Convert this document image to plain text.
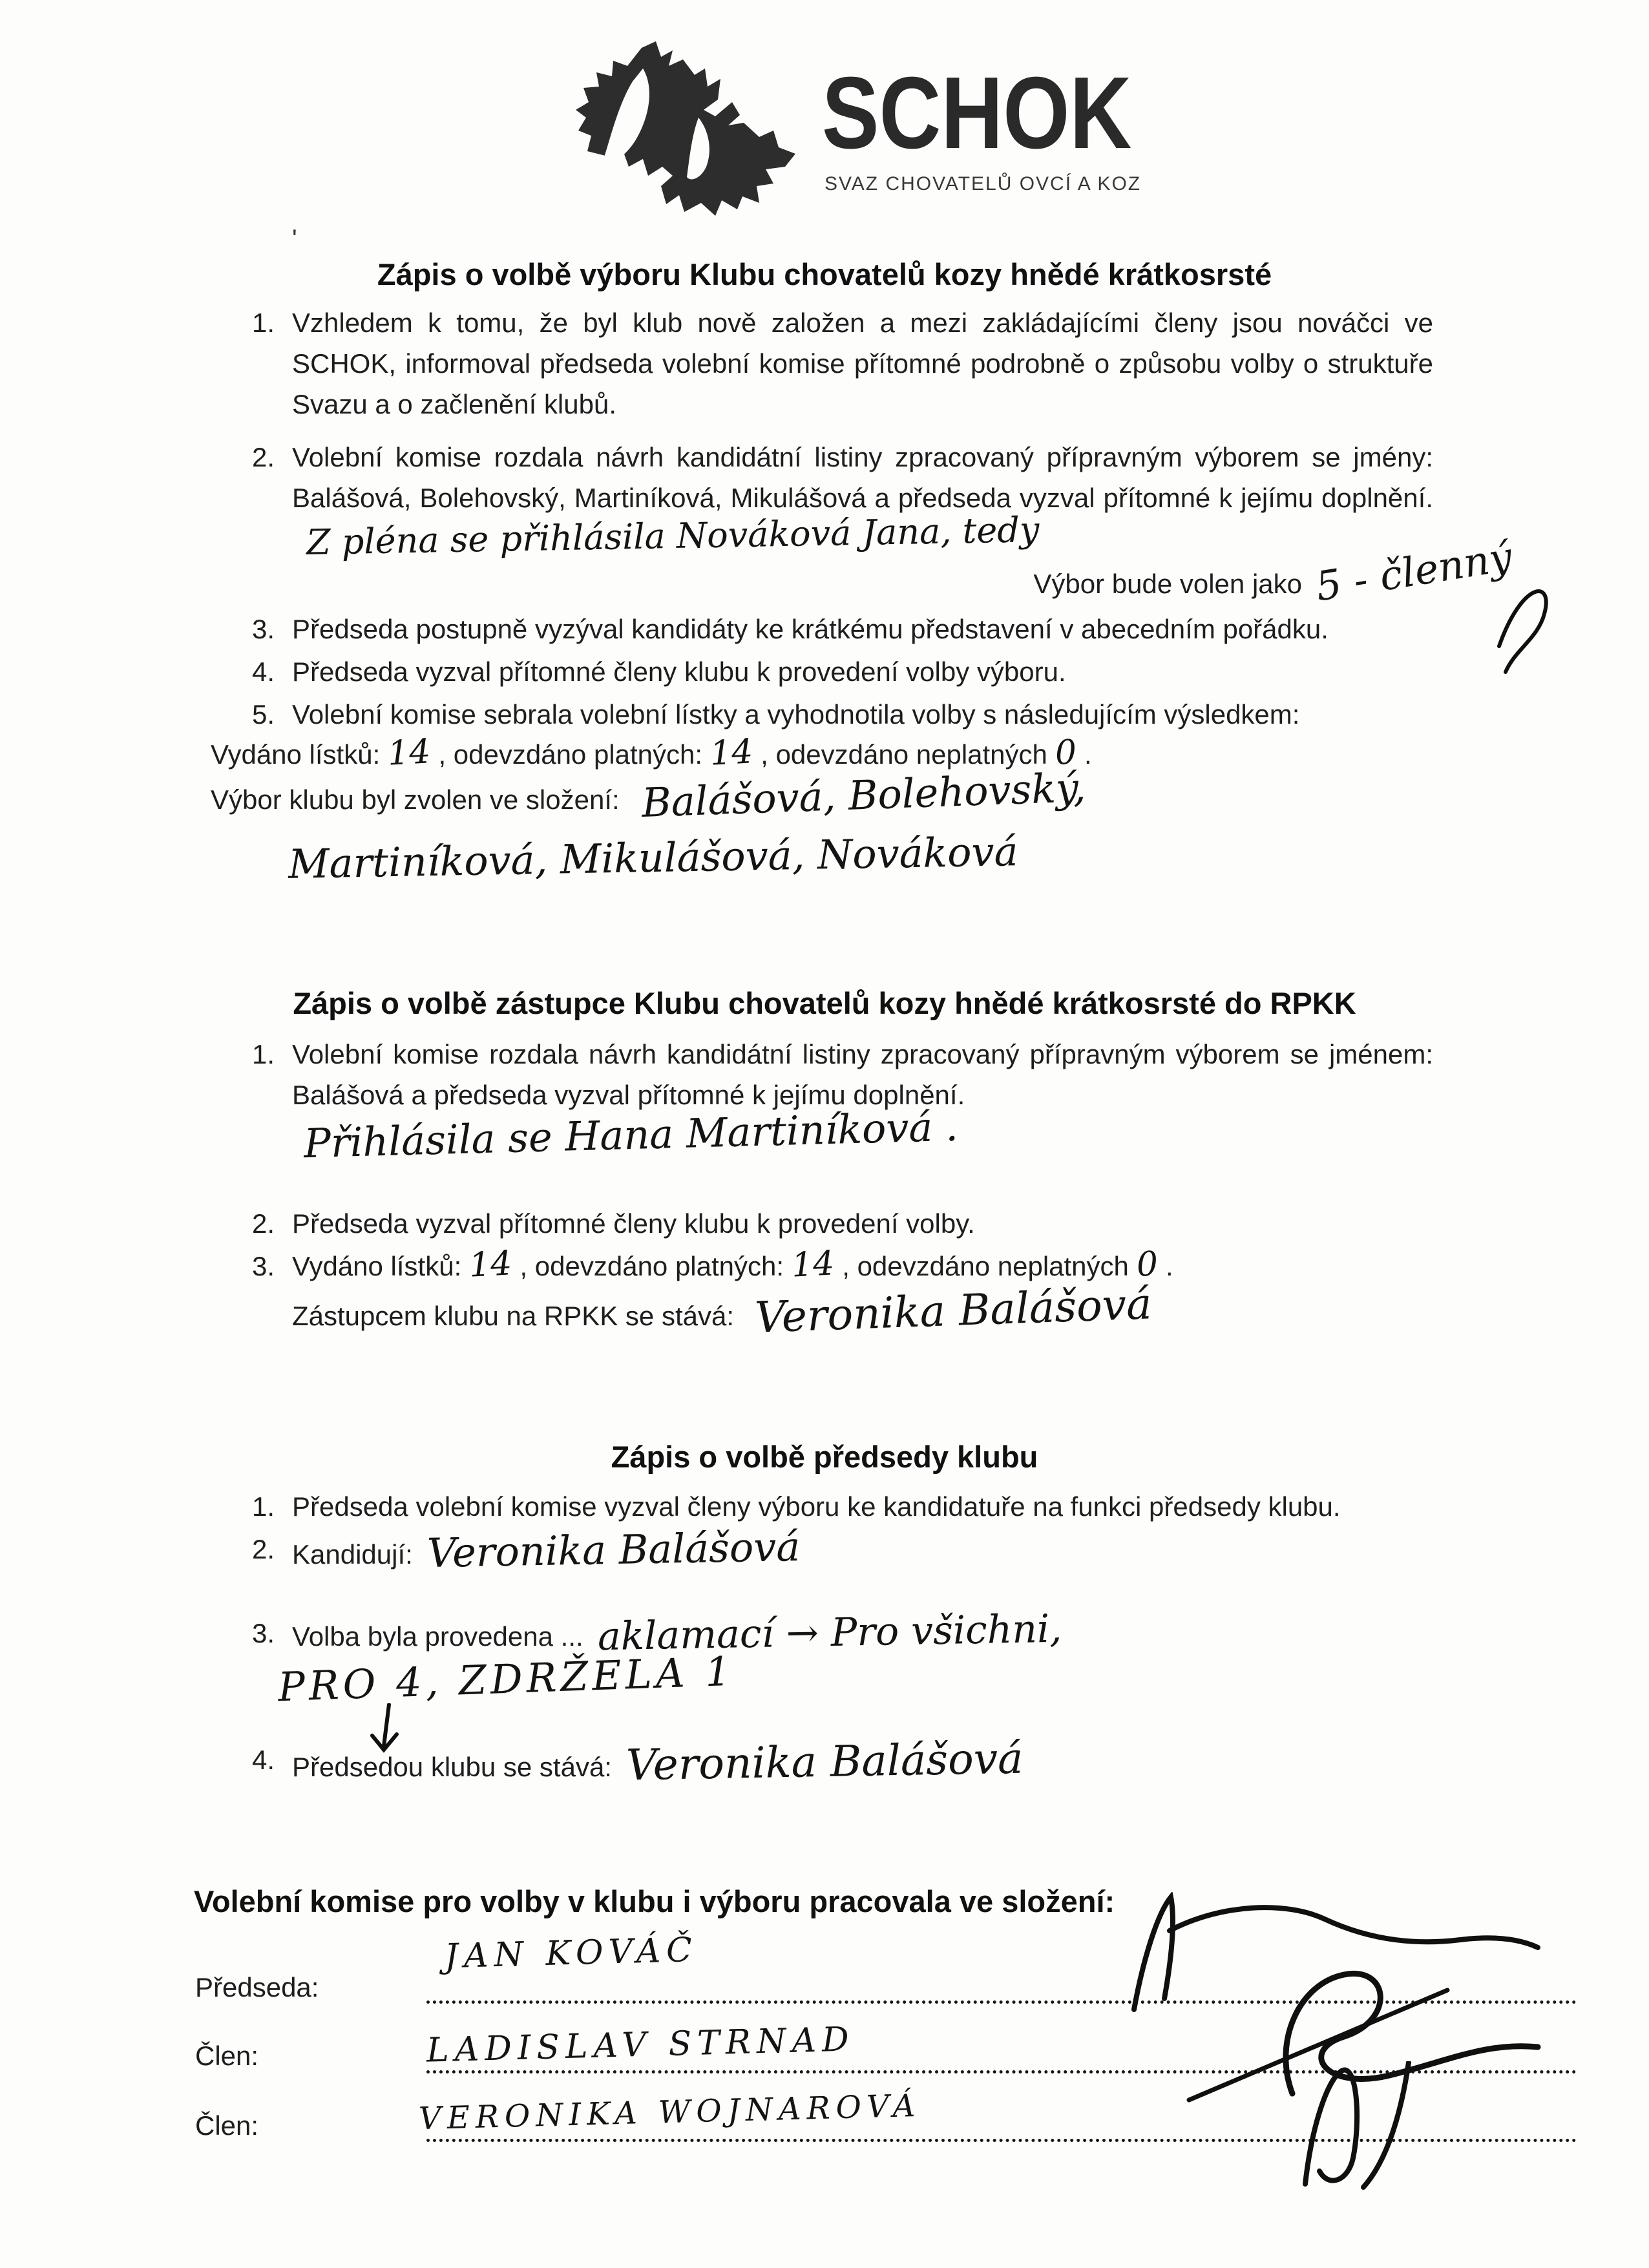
SCHOK
SVAZ CHOVATELŮ OVCÍ A KOZ
'
Zápis o volbě výboru Klubu chovatelů kozy hnědé krátkosrsté
1. Vzhledem k tomu, že byl klub nově založen a mezi zakládajícími členy jsou nováčci ve SCHOK, informoval předseda volební komise přítomné podrobně o způsobu volby o struktuře Svazu a o začlenění klubů.

2. Volební komise rozdala návrh kandidátní listiny zpracovaný přípravným výborem se jmény: Balášová, Bolehovský, Martiníková, Mikulášová a předseda vyzval přítomné k jejímu doplnění.Z pléna se přihlásila Nováková Jana, tedy

Výbor bude volen jako 5 - členný
3. Předseda postupně vyzýval kandidáty ke krátkému představení v abecedním pořádku.

4. Předseda vyzval přítomné členy klubu k provedení volby výboru.

5. Volební komise sebrala volební lístky a vyhodnotila volby s následujícím výsledkem:

Vydáno lístků: 14 , odevzdáno platných: 14 , odevzdáno neplatných 0 .
Výbor klubu byl zvolen ve složení: Balášová, Bolehovský, Martiníková, Mikulášová, Nováková
Zápis o volbě zástupce Klubu chovatelů kozy hnědé krátkosrsté do RPKK
1. Volební komise rozdala návrh kandidátní listiny zpracovaný přípravným výborem se jménem: Balášová a předseda vyzval přítomné k jejímu doplnění.

Přihlásila se Hana Martiníková .
2. Předseda vyzval přítomné členy klubu k provedení volby.

3. Vydáno lístků: 14 , odevzdáno platných: 14 , odevzdáno neplatných 0 .

Zástupcem klubu na RPKK se stává: Veronika Balášová
Zápis o volbě předsedy klubu
1. Předseda volební komise vyzval členy výboru ke kandidatuře na funkci předsedy klubu.

2. Kandidují: Veronika Balášová

3. Volba byla provedena ... aklamací → Pro všichni,

PRO 4, ZDRŽELA 1
4. Předsedou klubu se stává: Veronika Balášová

Volební komise pro volby v klubu i výboru pracovala ve složení:
JAN KOVÁČ
Předseda:
LADISLAV STRNAD
Člen:
VERONIKA WOJNAROVÁ
Člen:
